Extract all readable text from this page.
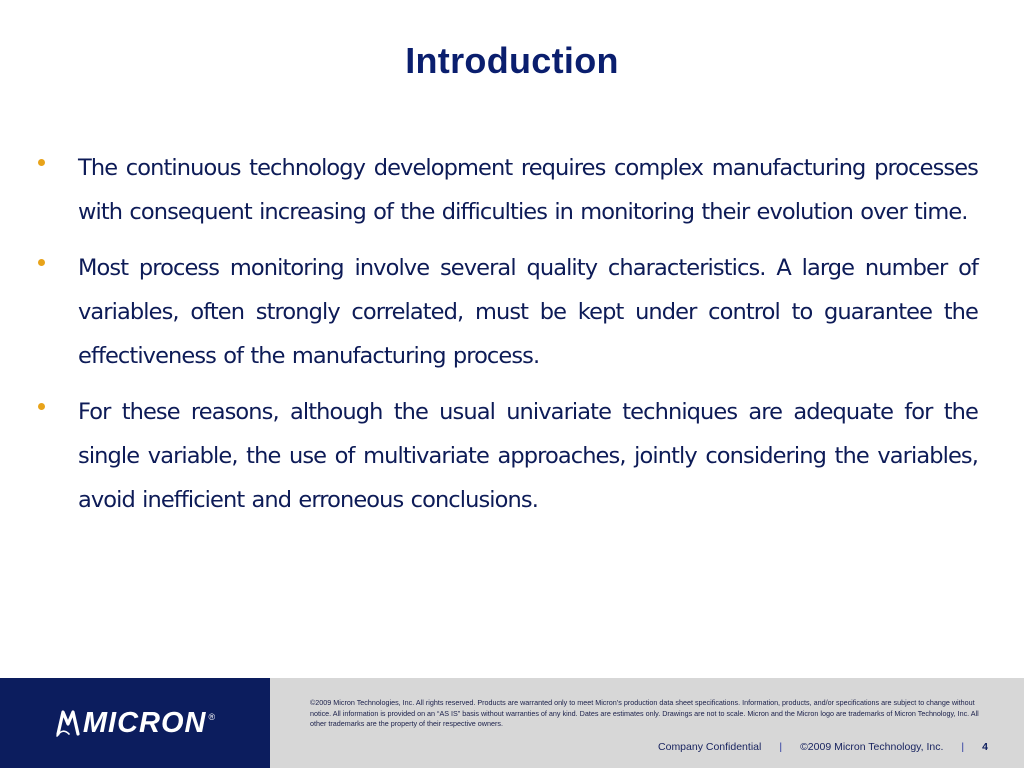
Introduction
The continuous technology development requires complex manufacturing processes with consequent increasing of the difficulties in monitoring their evolution over time.
Most process monitoring involve several quality characteristics. A large number of variables, often strongly correlated, must be kept under control to guarantee the effectiveness of the manufacturing process.
For these reasons, although the usual univariate techniques are adequate for the single variable, the use of multivariate approaches, jointly considering the variables, avoid inefficient and erroneous conclusions.
MICRON ®

©2009 Micron Technologies, Inc. All rights reserved. Products are warranted only to meet Micron’s production data sheet specifications. Information, products, and/or specifications are subject to change without notice. All information is provided on an “AS IS” basis without warranties of any kind. Dates are estimates only. Drawings are not to scale. Micron and the Micron logo are trademarks of Micron Technology, Inc. All other trademarks are the property of their respective owners.

Company Confidential | ©2009 Micron Technology, Inc. | 4
